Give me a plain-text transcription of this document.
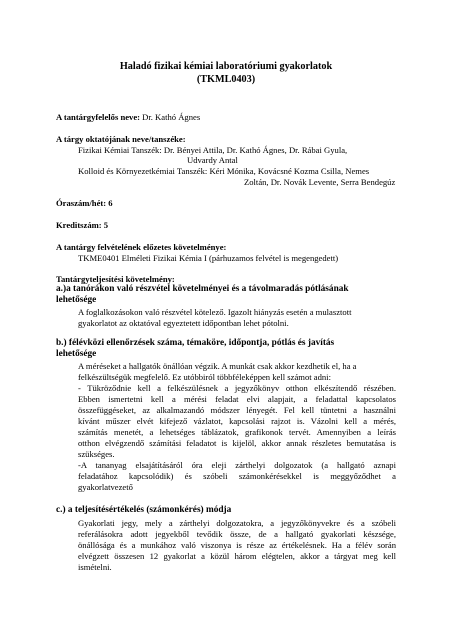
Haladó fizikai kémiai laboratóriumi gyakorlatok
(TKML0403)
A tantárgyfelelős neve: Dr. Kathó Ágnes
A tárgy oktatójának neve/tanszéke:
Fizikai Kémiai Tanszék: Dr. Bényei Attila, Dr. Kathó Ágnes, Dr. Rábai Gyula,
Udvardy Antal
Kolloid és Környezetkémiai Tanszék: Kéri Mónika, Kovácsné Kozma Csilla, Nemes
Zoltán, Dr. Novák Levente, Serra Bendegúz
Óraszám/hét: 6
Kreditszám: 5
A tantárgy felvételének előzetes követelménye:
TKME0401 Elméleti Fizikai Kémia I (párhuzamos felvétel is megengedett)
Tantárgyteljesítési követelmény:
a.)a tanórákon való részvétel követelményei és a távolmaradás pótlásának
lehetősége
A foglalkozásokon való részvétel kötelező. Igazolt hiányzás esetén a mulasztott
gyakorlatot az oktatóval egyeztetett időpontban lehet pótolni.
b.) félévközi ellenőrzések száma, témaköre, időpontja, pótlás és javítás
lehetősége
A méréseket a hallgatók önállóan végzik. A munkát csak akkor kezdhetik el, ha a
felkészültségük megfelelő. Ez utóbbiról többféleképpen kell számot adni:
- Tükröződnie kell a felkészülésnek a jegyzőkönyv otthon elkészítendő részében.
Ebben ismertetni kell a mérési feladat elvi alapjait, a feladattal kapcsolatos
összefüggéseket, az alkalmazandó módszer lényegét. Fel kell tüntetni a használni
kívánt műszer elvét kifejező vázlatot, kapcsolási rajzot is. Vázolni kell a mérés,
számítás menetét, a lehetséges táblázatok, grafikonok tervét. Amennyiben a leírás
otthon elvégzendő számítási feladatot is kijelöl, akkor annak részletes bemutatása is
szükséges.
-A tananyag elsajátításáról óra eleji zárthelyi dolgozatok (a hallgató aznapi
feladatához kapcsolódik) és szóbeli számonkérésekkel is meggyőződhet a
gyakorlatvezető
c.) a teljesítésértékelés (számonkérés) módja
Gyakorlati jegy, mely a zárthelyi dolgozatokra, a jegyzőkönyvekre és a szóbeli
referálásokra adott jegyekből tevődik össze, de a hallgató gyakorlati készsége,
önállósága és a munkához való viszonya is része az értékelésnek. Ha a félév során
elvégzett összesen 12 gyakorlat a közül három elégtelen, akkor a tárgyat meg kell
ismételni.
